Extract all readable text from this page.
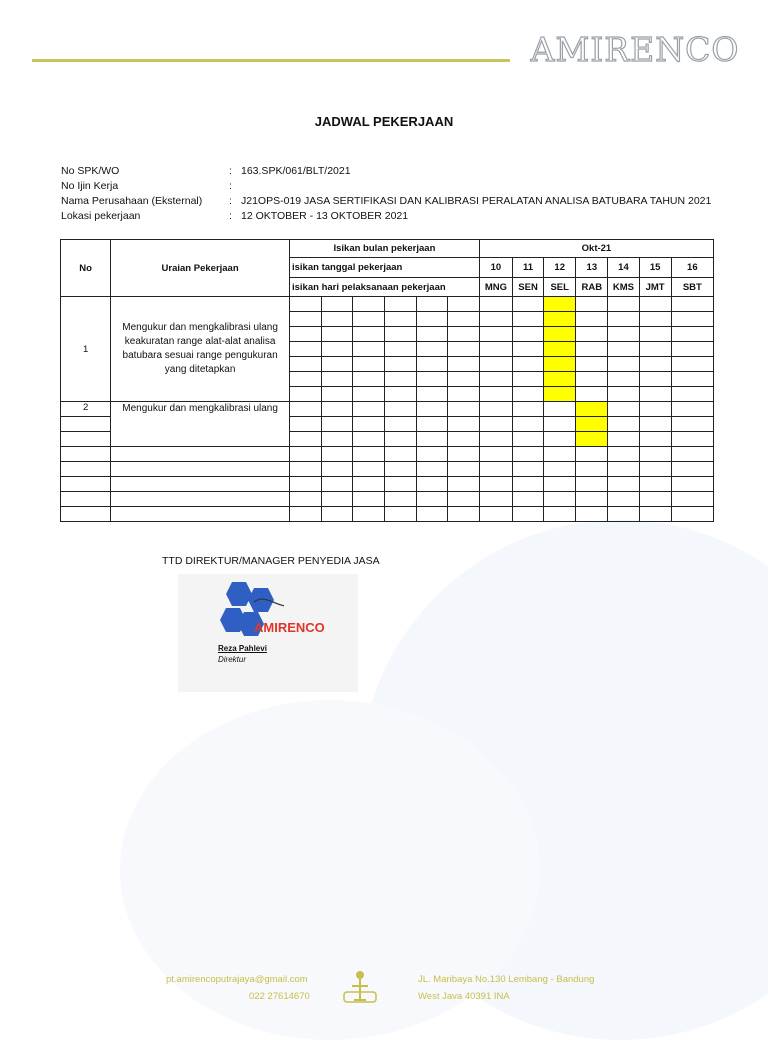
AMIRENCO
JADWAL PEKERJAAN
No SPK/WO	: 163.SPK/061/BLT/2021
No Ijin Kerja	:
Nama Perusahaan (Eksternal)	: J21OPS-019 JASA SERTIFIKASI DAN KALIBRASI PERALATAN ANALISA BATUBARA TAHUN 2021
Lokasi pekerjaan	: 12 OKTOBER - 13 OKTOBER 2021
No	Uraian Pekerjaan	Isikan bulan pekerjaan						Okt-21						
		isikan tanggal pekerjaan						10	11	12	13	14	15	16
		isikan hari pelaksanaan pekerjaan						MNG	SEN	SEL	RAB	KMS	JMT	SBT
1	Mengukur dan mengkalibrasi ulang keakuratan range alat-alat analisa batubara sesuai range pengukuran yang ditetapkan													

2	Mengukur dan mengkalibrasi ulang													

TTD DIREKTUR/MANAGER PENYEDIA JASA
AMIRENCO
Reza Pahlevi
Direktur
pt.amirencoputrajaya@gmail.com
022 27614670
JL. Maribaya No.130 Lembang - Bandung
West Java 40391 INA
